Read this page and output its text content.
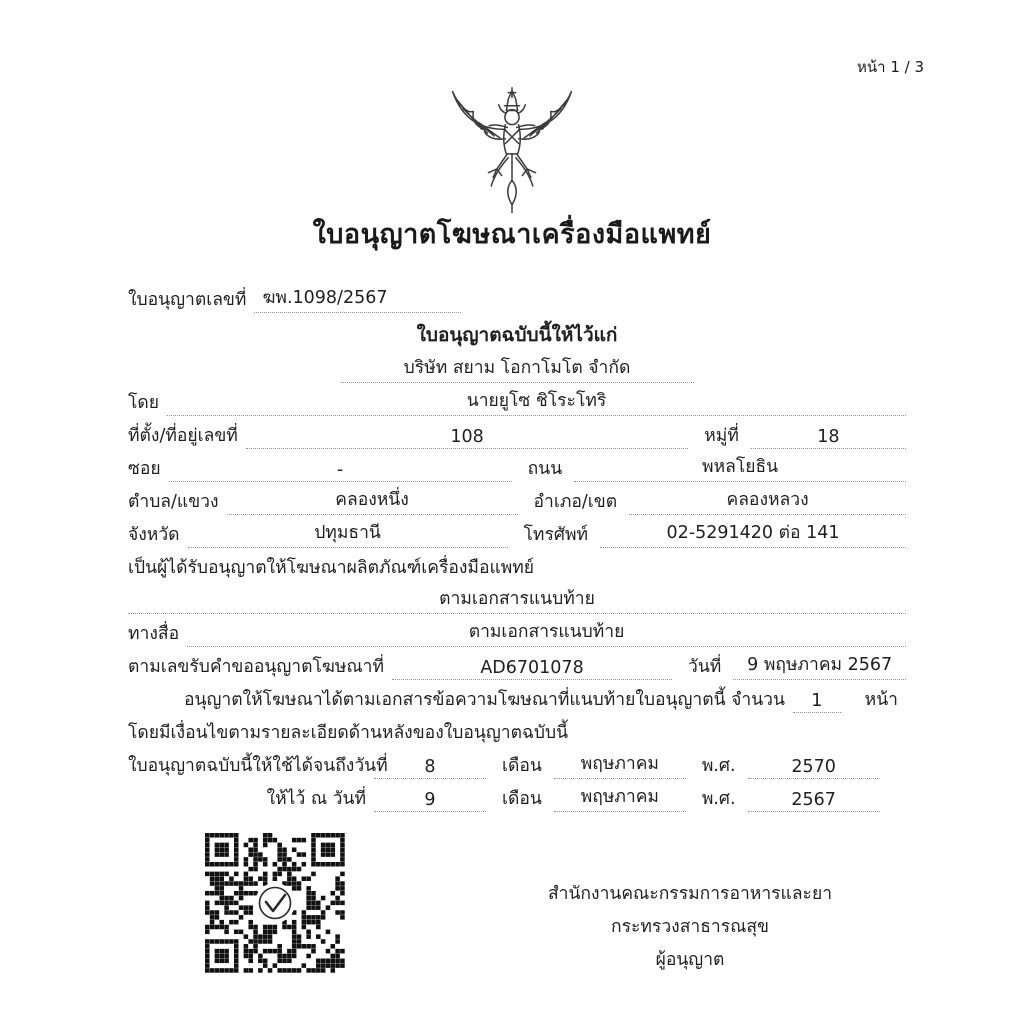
หน้า 1 / 3
ใบอนุญาตโฆษณาเครื่องมือแพทย์
ใบอนุญาตเลขที่ ฆพ.1098/2567
ใบอนุญาตฉบับนี้ให้ไว้แก่
บริษัท สยาม โอกาโมโต จำกัด
โดย	นายยูโซ ชิโระโทริ
ที่ตั้ง/ที่อยู่เลขที่	108	หมู่ที่	18
ซอย	-	ถนน	พหลโยธิน
ตำบล/แขวง	คลองหนึ่ง	อำเภอ/เขต	คลองหลวง
จังหวัด	ปทุมธานี	โทรศัพท์	02-5291420 ต่อ 141
เป็นผู้ได้รับอนุญาตให้โฆษณาผลิตภัณฑ์เครื่องมือแพทย์
ตามเอกสารแนบท้าย
ทางสื่อ	ตามเอกสารแนบท้าย
ตามเลขรับคำขออนุญาตโฆษณาที่	AD6701078	วันที่	9 พฤษภาคม 2567
อนุญาตให้โฆษณาได้ตามเอกสารข้อความโฆษณาที่แนบท้ายใบอนุญาตนี้ จำนวน	1	หน้า
โดยมีเงื่อนไขตามรายละเอียดด้านหลังของใบอนุญาตฉบับนี้
ใบอนุญาตฉบับนี้ให้ใช้ได้จนถึงวันที่	8	เดือน	พฤษภาคม	พ.ศ.	2570
ให้ไว้ ณ วันที่	9	เดือน	พฤษภาคม	พ.ศ.	2567
สำนักงานคณะกรรมการอาหารและยา
กระทรวงสาธารณสุข
ผู้อนุญาต
